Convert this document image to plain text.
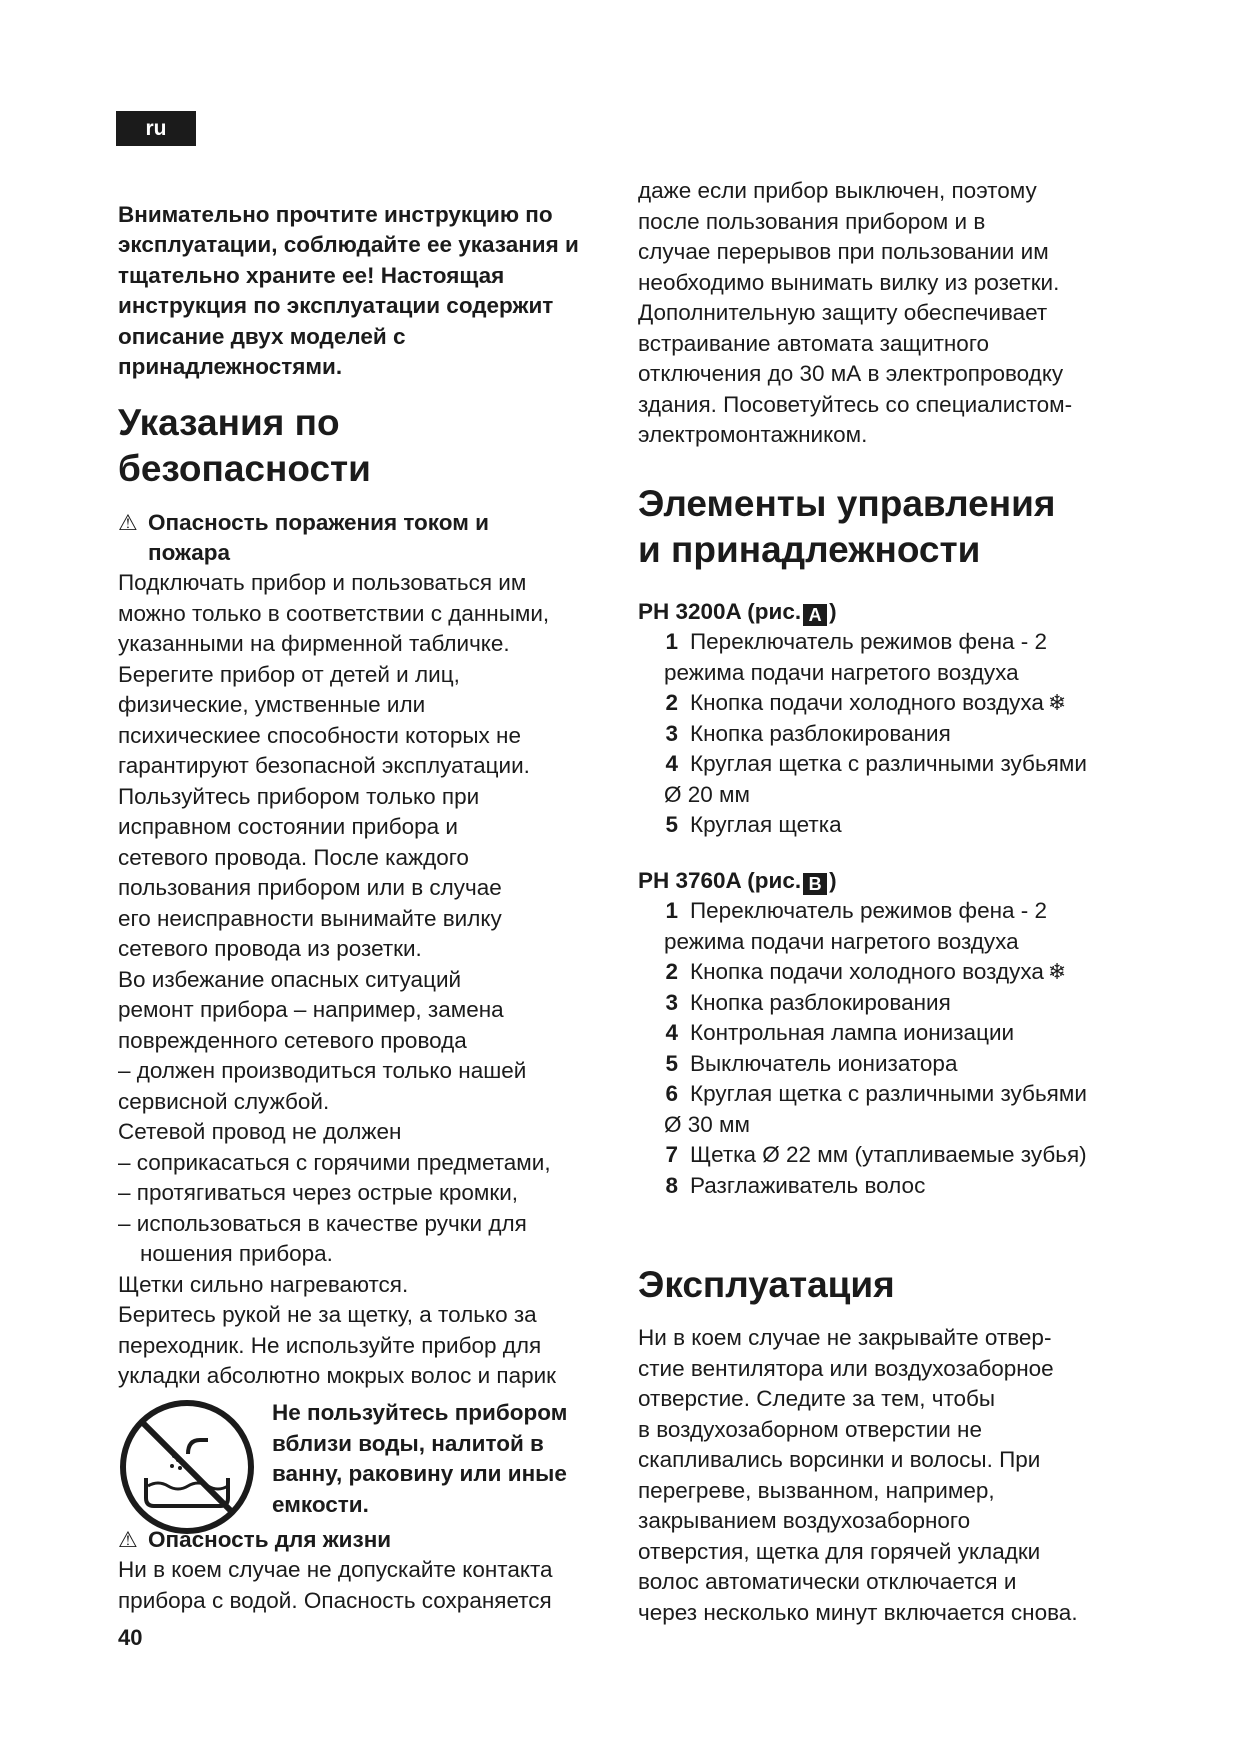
ru

Внимательно прочтите инструкцию по эксплуатации, соблюдайте ее указания и тщательно храните ее! Настоящая инструкция по эксплуатации содержит описание двух моделей с принадлежностями.

Указания по
безопасности
⚠ Опасность поражения током и
пожара

Подключать прибор и пользоваться им

можно только в соответствии с данными,

указанными на фирменной табличке.

Берегите прибор от детей и лиц,

физические, умственные или

психическиее способности которых не

гарантируют безопасной эксплуатации.

Пользуйтесь прибором только при

исправном состоянии прибора и

сетевого провода. После каждого

пользования прибором или в случае

его неисправности вынимайте вилку

сетевого провода из розетки.

Во избежание опасных ситуаций

ремонт прибора – например, замена

поврежденного сетевого провода

– должен производиться только нашей

сервисной службой.

Сетевой провод не должен

– соприкасаться с горячими предметами,

– протягиваться через острые кромки,

– использоваться в качестве ручки для

ношения прибора.

Щетки сильно нагреваются.

Беритесь рукой не за щетку, а только за

переходник. Не используйте прибор для

укладки абсолютно мокрых волос и парик

Не пользуйтесь прибором вблизи воды, налитой в ванну, раковину или иные емкости.
⚠ Опасность для жизни

Ни в коем случае не допускайте контакта

прибора с водой. Опасность сохраняется

даже если прибор выключен, поэтому

после пользования прибором и в

случае перерывов при пользовании им

необходимо вынимать вилку из розетки.

Дополнительную защиту обеспечивает

встраивание автомата защитного

отключения до 30 мА в электропроводку

здания. Посоветуйтесь со специалистом-

электромонтажником.

Элементы управления
и принадлежности

PH 3200A (рис. A )

1 Переключатель режимов фена - 2
режима подачи нагретого воздуха
2 Кнопка подачи холодного воздуха ❄
3 Кнопка разблокирования
4 Круглая щетка с различными зубьями
Ø 20 мм
5 Круглая щетка

PH 3760A (рис. B )

1 Переключатель режимов фена - 2
режима подачи нагретого воздуха
2 Кнопка подачи холодного воздуха ❄
3 Кнопка разблокирования
4 Контрольная лампа ионизации
5 Выключатель ионизатора
6 Круглая щетка с различными зубьями
Ø 30 мм
7 Щетка Ø 22 мм (утапливаемые зубья)
8 Разглаживатель волос
Эксплуатация

Ни в коем случае не закрывайте отвер-

стие вентилятора или воздухозаборное

отверстие. Следите за тем, чтобы

в воздухозаборном отверстии не

скапливались ворсинки и волосы. При

перегреве, вызванном, например,

закрыванием воздухозаборного

отверстия, щетка для горячей укладки

волос автоматически отключается и

через несколько минут включается снова.

40
